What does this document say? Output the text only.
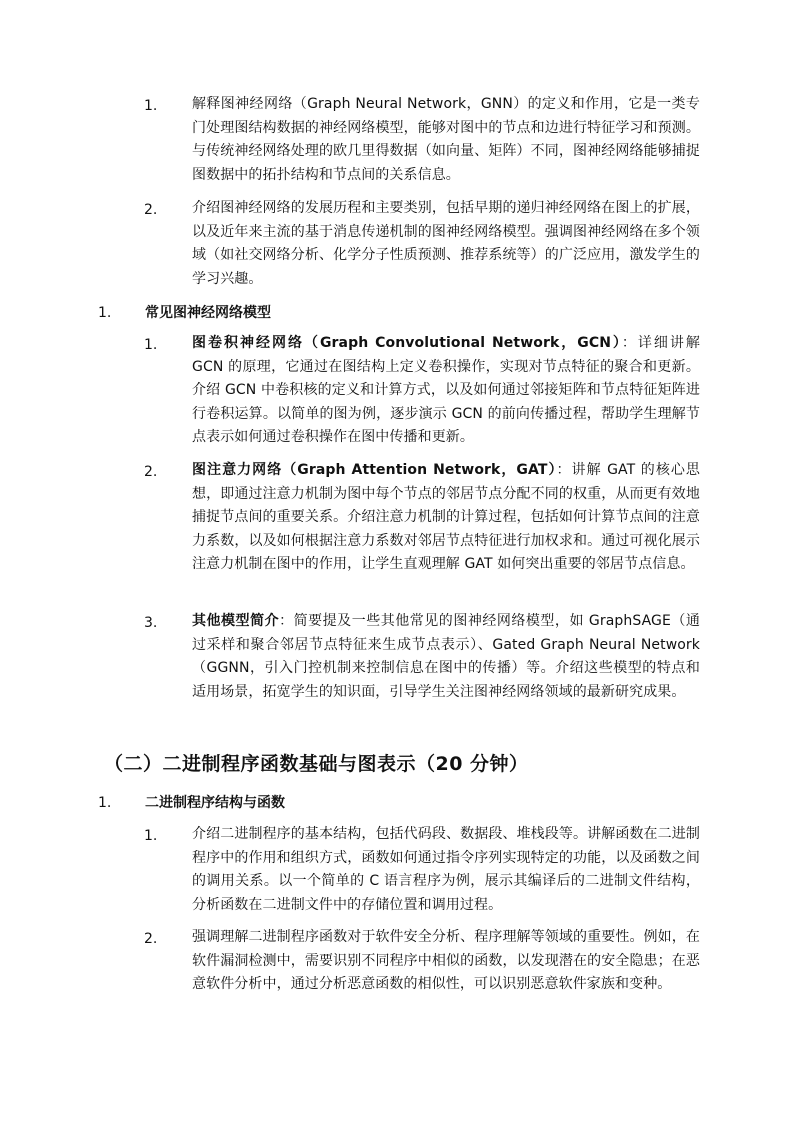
1. 解释图神经网络（Graph Neural Network，GNN）的定义和作用，它是一类专门处理图结构数据的神经网络模型，能够对图中的节点和边进行特征学习和预测。与传统神经网络处理的欧几里得数据（如向量、矩阵）不同，图神经网络能够捕捉图数据中的拓扑结构和节点间的关系信息。
2. 介绍图神经网络的发展历程和主要类别，包括早期的递归神经网络在图上的扩展，以及近年来主流的基于消息传递机制的图神经网络模型。强调图神经网络在多个领域（如社交网络分析、化学分子性质预测、推荐系统等）的广泛应用，激发学生的学习兴趣。
1. 常见图神经网络模型
1. 图卷积神经网络（Graph Convolutional Network，GCN）：详细讲解 GCN 的原理，它通过在图结构上定义卷积操作，实现对节点特征的聚合和更新。介绍 GCN 中卷积核的定义和计算方式，以及如何通过邻接矩阵和节点特征矩阵进行卷积运算。以简单的图为例，逐步演示 GCN 的前向传播过程，帮助学生理解节点表示如何通过卷积操作在图中传播和更新。
2. 图注意力网络（Graph Attention Network，GAT）：讲解 GAT 的核心思想，即通过注意力机制为图中每个节点的邻居节点分配不同的权重，从而更有效地捕捉节点间的重要关系。介绍注意力机制的计算过程，包括如何计算节点间的注意力系数，以及如何根据注意力系数对邻居节点特征进行加权求和。通过可视化展示注意力机制在图中的作用，让学生直观理解 GAT 如何突出重要的邻居节点信息。
3. 其他模型简介：简要提及一些其他常见的图神经网络模型，如 GraphSAGE（通过采样和聚合邻居节点特征来生成节点表示）、Gated Graph Neural Network（GGNN，引入门控机制来控制信息在图中的传播）等。介绍这些模型的特点和适用场景，拓宽学生的知识面，引导学生关注图神经网络领域的最新研究成果。
（二）二进制程序函数基础与图表示（20 分钟）
1. 二进制程序结构与函数
1. 介绍二进制程序的基本结构，包括代码段、数据段、堆栈段等。讲解函数在二进制程序中的作用和组织方式，函数如何通过指令序列实现特定的功能，以及函数之间的调用关系。以一个简单的 C 语言程序为例，展示其编译后的二进制文件结构，分析函数在二进制文件中的存储位置和调用过程。
2. 强调理解二进制程序函数对于软件安全分析、程序理解等领域的重要性。例如，在软件漏洞检测中，需要识别不同程序中相似的函数，以发现潜在的安全隐患；在恶意软件分析中，通过分析恶意函数的相似性，可以识别恶意软件家族和变种。
